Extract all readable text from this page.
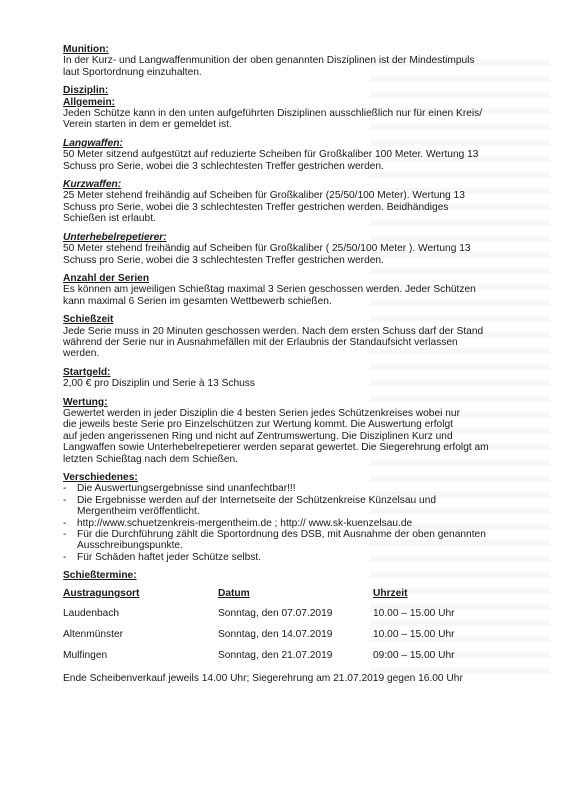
Munition:
In der Kurz- und Langwaffenmunition der oben genannten Disziplinen ist der Mindestimpuls
laut Sportordnung einzuhalten.
Disziplin:
Allgemein:
Jeden Schütze kann in den unten aufgeführten Disziplinen ausschließlich nur für einen Kreis/
Verein starten in dem er gemeldet ist.
Langwaffen:
50 Meter sitzend aufgestützt auf reduzierte Scheiben für Großkaliber 100 Meter. Wertung 13
Schuss pro Serie, wobei die 3 schlechtesten Treffer gestrichen werden.
Kurzwaffen:
25 Meter stehend freihändig auf Scheiben für Großkaliber (25/50/100 Meter). Wertung 13
Schuss pro Serie, wobei die 3 schlechtesten Treffer gestrichen werden. Beidhändiges
Schießen ist erlaubt.
Unterhebelrepetierer:
50 Meter stehend freihändig auf Scheiben für Großkaliber ( 25/50/100 Meter ). Wertung 13
Schuss pro Serie, wobei die 3 schlechtesten Treffer gestrichen werden.
Anzahl der Serien
Es können am jeweiligen Schießtag maximal 3 Serien geschossen werden. Jeder Schützen
kann maximal 6 Serien im gesamten Wettbewerb schießen.
Schießzeit
Jede Serie muss in 20 Minuten geschossen werden. Nach dem ersten Schuss darf der Stand
während der Serie nur in Ausnahmefällen mit der Erlaubnis der Standaufsicht verlassen
werden.
Startgeld:
2,00 € pro Disziplin und Serie à 13 Schuss
Wertung:
Gewertet werden in jeder Disziplin die 4 besten Serien jedes Schützenkreises wobei nur
die jeweils beste Serie pro Einzelschützen zur Wertung kommt. Die Auswertung erfolgt
auf jeden angerissenen Ring und nicht auf Zentrumswertung. Die Disziplinen Kurz und
Langwaffen sowie Unterhebelrepetierer werden separat gewertet. Die Siegerehrung erfolgt am
letzten Schießtag nach dem Schießen.
Verschiedenes:
- Die Auswertungsergebnisse sind unanfechtbar!!!
- Die Ergebnisse werden auf der Internetseite der Schützenkreise Künzelsau und
Mergentheim veröffentlicht.
- http://www.schuetzenkreis-mergentheim.de ; http:// www.sk-kuenzelsau.de
- Für die Durchführung zählt die Sportordnung des DSB, mit Ausnahme der oben genannten
Ausschreibungspunkte.
- Für Schäden haftet jeder Schütze selbst.
Schießtermine:
Austragungsort	Datum	Uhrzeit
Laudenbach	Sonntag, den 07.07.2019	10.00 – 15.00 Uhr
Altenmünster	Sonntag, den 14.07.2019	10.00 – 15.00 Uhr
Mulfingen	Sonntag, den 21.07.2019	09:00 – 15.00 Uhr
Ende Scheibenverkauf jeweils 14.00 Uhr; Siegerehrung am 21.07.2019 gegen 16.00 Uhr
